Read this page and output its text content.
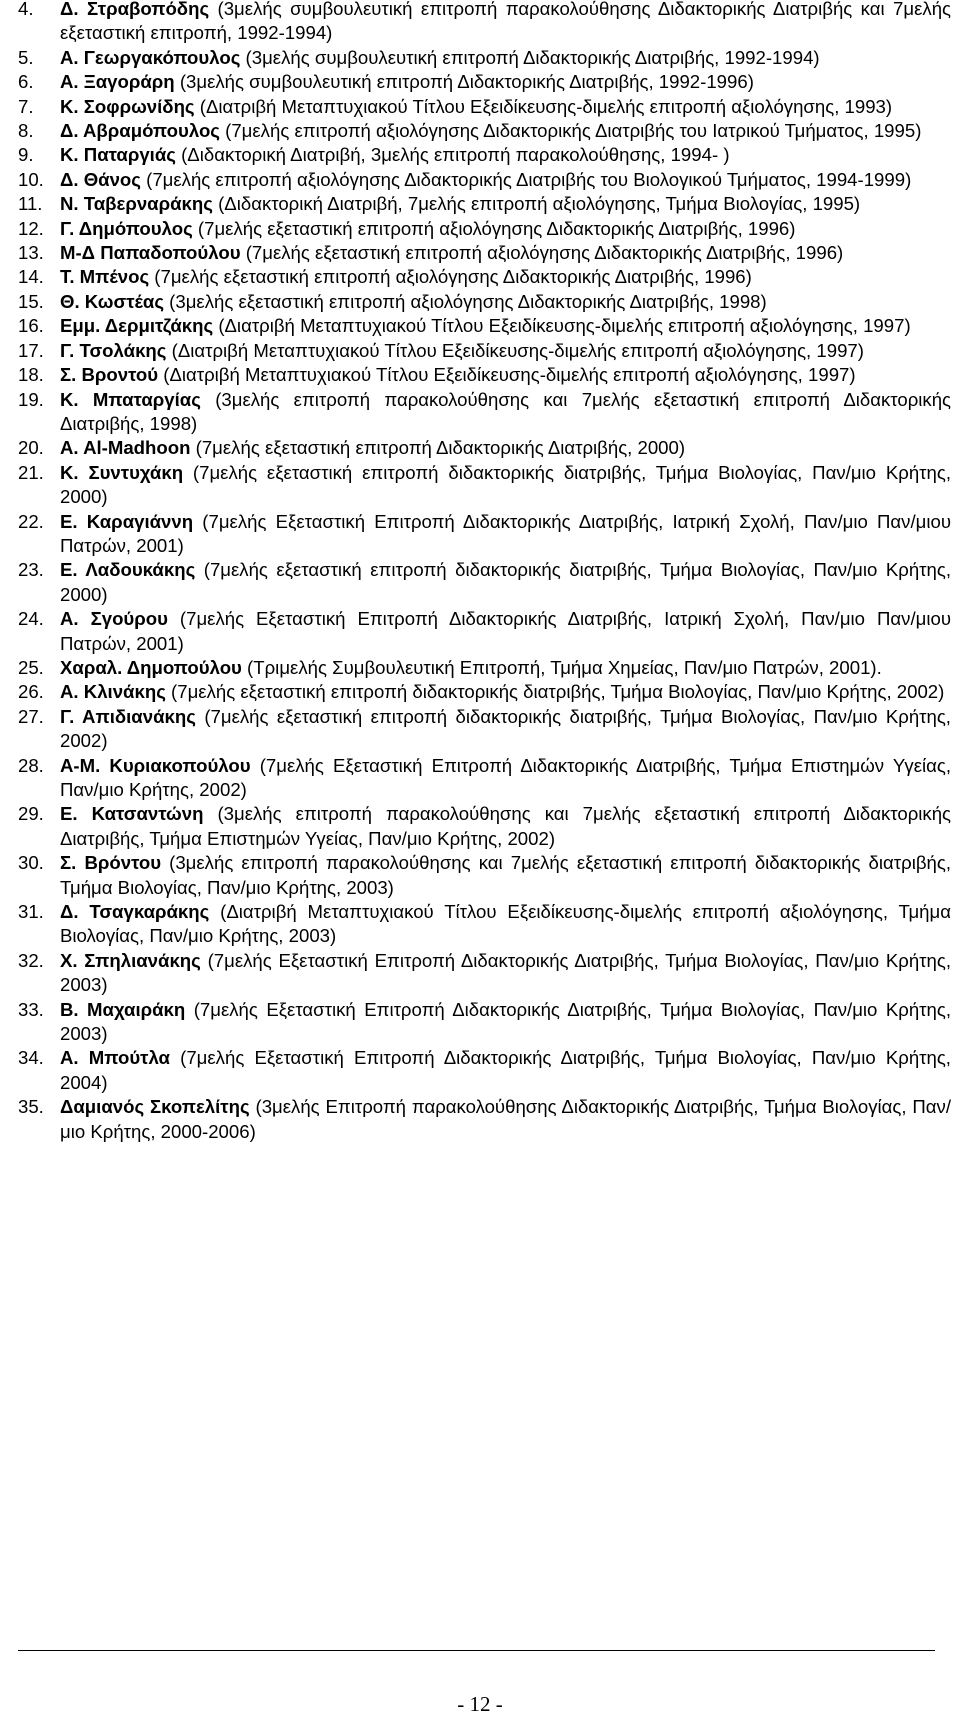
4. Δ. Στραβοπόδης (3μελής συμβουλευτική επιτροπή παρακολούθησης Διδακτορικής Διατριβής και 7μελής εξεταστική επιτροπή, 1992-1994)
5. Α. Γεωργακόπουλος (3μελής συμβουλευτική επιτροπή Διδακτορικής Διατριβής, 1992-1994)
6. Α. Ξαγοράρη (3μελής συμβουλευτική επιτροπή Διδακτορικής Διατριβής, 1992-1996)
7. Κ. Σοφρωνίδης (Διατριβή Μεταπτυχιακού Τίτλου Εξειδίκευσης-διμελής επιτροπή αξιολόγησης, 1993)
8. Δ. Αβραμόπουλος (7μελής επιτροπή αξιολόγησης Διδακτορικής Διατριβής του Ιατρικού Τμήματος, 1995)
9. Κ. Παταργιάς (Διδακτορική Διατριβή, 3μελής επιτροπή παρακολούθησης, 1994- )
10. Δ. Θάνος (7μελής επιτροπή αξιολόγησης Διδακτορικής Διατριβής του Βιολογικού Τμήματος, 1994-1999)
11. Ν. Ταβερναράκης (Διδακτορική Διατριβή, 7μελής επιτροπή αξιολόγησης, Τμήμα Βιολογίας, 1995)
12. Γ. Δημόπουλος (7μελής εξεταστική επιτροπή αξιολόγησης Διδακτορικής Διατριβής, 1996)
13. Μ-Δ Παπαδοπούλου (7μελής εξεταστική επιτροπή αξιολόγησης Διδακτορικής Διατριβής, 1996)
14. Τ. Μπένος (7μελής εξεταστική επιτροπή αξιολόγησης Διδακτορικής Διατριβής, 1996)
15. Θ. Κωστέας (3μελής εξεταστική επιτροπή αξιολόγησης Διδακτορικής Διατριβής, 1998)
16. Εμμ. Δερμιτζάκης (Διατριβή Μεταπτυχιακού Τίτλου Εξειδίκευσης-διμελής επιτροπή αξιολόγησης, 1997)
17. Γ. Τσολάκης (Διατριβή Μεταπτυχιακού Τίτλου Εξειδίκευσης-διμελής επιτροπή αξιολόγησης, 1997)
18. Σ. Βροντού (Διατριβή Μεταπτυχιακού Τίτλου Εξειδίκευσης-διμελής επιτροπή αξιολόγησης, 1997)
19. Κ. Μπαταργίας (3μελής επιτροπή παρακολούθησης και 7μελής εξεταστική επιτροπή Διδακτορικής Διατριβής, 1998)
20. A. Al-Madhoon (7μελής εξεταστική επιτροπή Διδακτορικής Διατριβής, 2000)
21. Κ. Συντυχάκη (7μελής εξεταστική επιτροπή διδακτορικής διατριβής, Τμήμα Βιολογίας, Παν/μιο Κρήτης, 2000)
22. Ε. Καραγιάννη (7μελής Εξεταστική Επιτροπή Διδακτορικής Διατριβής, Ιατρική Σχολή, Παν/μιο Παν/μιου Πατρών, 2001)
23. Ε. Λαδουκάκης (7μελής εξεταστική επιτροπή διδακτορικής διατριβής, Τμήμα Βιολογίας, Παν/μιο Κρήτης, 2000)
24. Α. Σγούρου (7μελής Εξεταστική Επιτροπή Διδακτορικής Διατριβής, Ιατρική Σχολή, Παν/μιο Παν/μιου Πατρών, 2001)
25. Χαραλ. Δημοπούλου (Τριμελής Συμβουλευτική Επιτροπή, Τμήμα Χημείας, Παν/μιο Πατρών, 2001).
26. Α. Κλινάκης (7μελής εξεταστική επιτροπή διδακτορικής διατριβής, Τμήμα Βιολογίας, Παν/μιο Κρήτης, 2002)
27. Γ. Απιδιανάκης (7μελής εξεταστική επιτροπή διδακτορικής διατριβής, Τμήμα Βιολογίας, Παν/μιο Κρήτης, 2002)
28. Α-Μ. Κυριακοπούλου (7μελής Εξεταστική Επιτροπή Διδακτορικής Διατριβής, Τμήμα Επιστημών Υγείας, Παν/μιο Κρήτης, 2002)
29. Ε. Κατσαντώνη (3μελής επιτροπή παρακολούθησης και 7μελής εξεταστική επιτροπή Διδακτορικής Διατριβής, Τμήμα Επιστημών Υγείας, Παν/μιο Κρήτης, 2002)
30. Σ. Βρόντου (3μελής επιτροπή παρακολούθησης και 7μελής εξεταστική επιτροπή διδακτορικής διατριβής, Τμήμα Βιολογίας, Παν/μιο Κρήτης, 2003)
31. Δ. Τσαγκαράκης (Διατριβή Μεταπτυχιακού Τίτλου Εξειδίκευσης-διμελής επιτροπή αξιολόγησης, Τμήμα Βιολογίας, Παν/μιο Κρήτης, 2003)
32. Χ. Σπηλιανάκης (7μελής Εξεταστική Επιτροπή Διδακτορικής Διατριβής, Τμήμα Βιολογίας, Παν/μιο Κρήτης, 2003)
33. Β. Μαχαιράκη (7μελής Εξεταστική Επιτροπή Διδακτορικής Διατριβής, Τμήμα Βιολογίας, Παν/μιο Κρήτης, 2003)
34. Α. Μπούτλα (7μελής Εξεταστική Επιτροπή Διδακτορικής Διατριβής, Τμήμα Βιολογίας, Παν/μιο Κρήτης, 2004)
35. Δαμιανός Σκοπελίτης (3μελής Επιτροπή παρακολούθησης Διδακτορικής Διατριβής, Τμήμα Βιολογίας, Παν/μιο Κρήτης, 2000-2006)
- 12 -
